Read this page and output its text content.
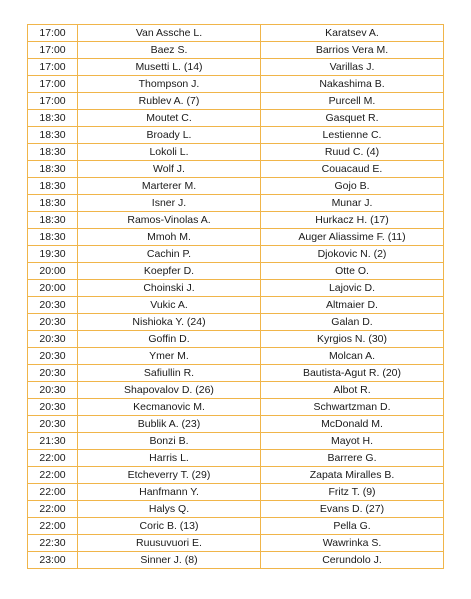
17:00	Van Assche L.	Karatsev A.
17:00	Baez S.	Barrios Vera M.
17:00	Musetti L. (14)	Varillas J.
17:00	Thompson J.	Nakashima B.
17:00	Rublev A. (7)	Purcell M.
18:30	Moutet C.	Gasquet R.
18:30	Broady L.	Lestienne C.
18:30	Lokoli L.	Ruud C. (4)
18:30	Wolf J.	Couacaud E.
18:30	Marterer M.	Gojo B.
18:30	Isner J.	Munar J.
18:30	Ramos-Vinolas A.	Hurkacz H. (17)
18:30	Mmoh M.	Auger Aliassime F. (11)
19:30	Cachin P.	Djokovic N. (2)
20:00	Koepfer D.	Otte O.
20:00	Choinski J.	Lajovic D.
20:30	Vukic A.	Altmaier D.
20:30	Nishioka Y. (24)	Galan D.
20:30	Goffin D.	Kyrgios N. (30)
20:30	Ymer M.	Molcan A.
20:30	Safiullin R.	Bautista-Agut R. (20)
20:30	Shapovalov D. (26)	Albot R.
20:30	Kecmanovic M.	Schwartzman D.
20:30	Bublik A. (23)	McDonald M.
21:30	Bonzi B.	Mayot H.
22:00	Harris L.	Barrere G.
22:00	Etcheverry T. (29)	Zapata Miralles B.
22:00	Hanfmann Y.	Fritz T. (9)
22:00	Halys Q.	Evans D. (27)
22:00	Coric B. (13)	Pella G.
22:30	Ruusuvuori E.	Wawrinka S.
23:00	Sinner J. (8)	Cerundolo J.
